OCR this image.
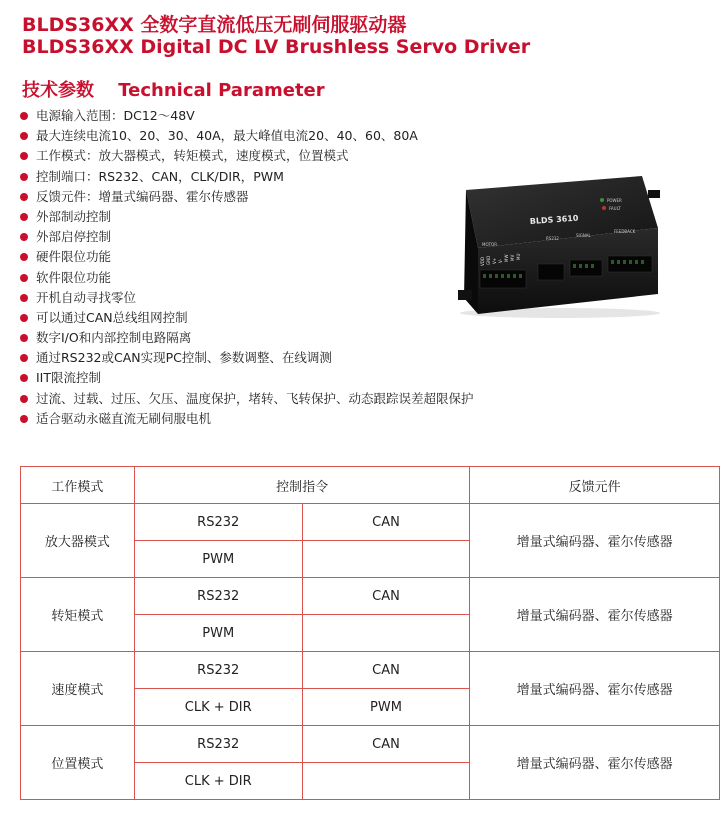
BLDS36XX 全数字直流低压无刷伺服驱动器
BLDS36XX Digital DC LV Brushless Servo Driver
技术参数 Technical Parameter
电源输入范围：DC12～48V
最大连续电流10、20、30、40A，最大峰值电流20、40、60、80A
工作模式：放大器模式，转矩模式，速度模式，位置模式
控制端口：RS232、CAN，CLK/DIR，PWM
反馈元件：增量式编码器、霍尔传感器
外部制动控制
外部启停控制
硬件限位功能
软件限位功能
开机自动寻找零位
可以通过CAN总线组网控制
数字I/O和内部控制电路隔离
通过RS232或CAN实现PC控制、参数调整、在线调测
IIT限流控制
过流、过载、过压、欠压、温度保护，堵转、飞转保护、动态跟踪误差超限保护
适合驱动永磁直流无刷伺服电机
BLDS 3610
POWER
FAULT
MOTOR
RS232
SIGNAL
FEEDBACK
VDD GND V+ V- MW MV MU
工作模式	控制指令		反馈元件
放大器模式	RS232	CAN	增量式编码器、霍尔传感器
	PWM		
转矩模式	RS232	CAN	增量式编码器、霍尔传感器
	PWM		
速度模式	RS232	CAN	增量式编码器、霍尔传感器
	CLK + DIR	PWM	
位置模式	RS232	CAN	增量式编码器、霍尔传感器
	CLK + DIR		
